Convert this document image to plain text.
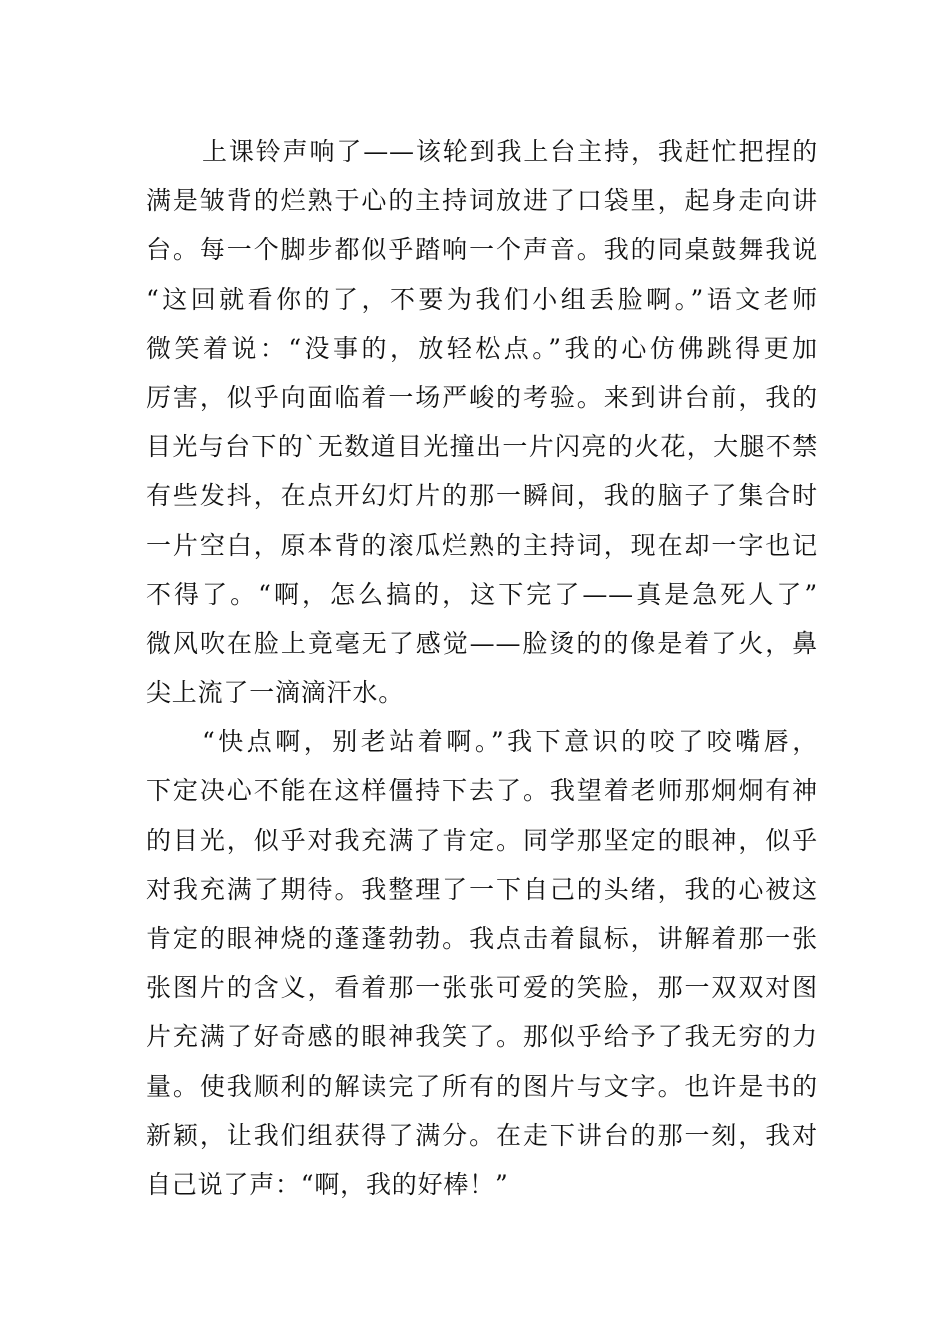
上课铃声响了——该轮到我上台主持，我赶忙把捏的
满是皱背的烂熟于心的主持词放进了口袋里，起身走向讲
台。每一个脚步都似乎踏响一个声音。我的同桌鼓舞我说
“这回就看你的了，不要为我们小组丢脸啊。”语文老师
微笑着说：“没事的，放轻松点。”我的心仿佛跳得更加
厉害，似乎向面临着一场严峻的考验。来到讲台前，我的
目光与台下的`无数道目光撞出一片闪亮的火花，大腿不禁
有些发抖，在点开幻灯片的那一瞬间，我的脑子了集合时
一片空白，原本背的滚瓜烂熟的主持词，现在却一字也记
不得了。“啊，怎么搞的，这下完了——真是急死人了”
微风吹在脸上竟毫无了感觉——脸烫的的像是着了火，鼻
尖上流了一滴滴汗水。
“快点啊，别老站着啊。”我下意识的咬了咬嘴唇，
下定决心不能在这样僵持下去了。我望着老师那炯炯有神
的目光，似乎对我充满了肯定。同学那坚定的眼神，似乎
对我充满了期待。我整理了一下自己的头绪，我的心被这
肯定的眼神烧的蓬蓬勃勃。我点击着鼠标，讲解着那一张
张图片的含义，看着那一张张可爱的笑脸，那一双双对图
片充满了好奇感的眼神我笑了。那似乎给予了我无穷的力
量。使我顺利的解读完了所有的图片与文字。也许是书的
新颖，让我们组获得了满分。在走下讲台的那一刻，我对
自己说了声：“啊，我的好棒！”
